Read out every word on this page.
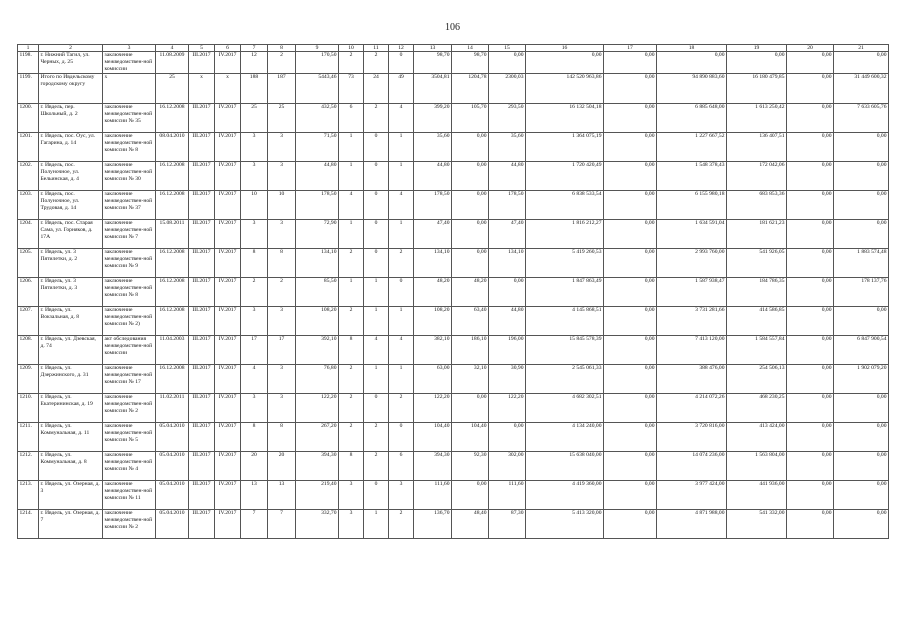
106
1	2	3	4	5	6	7	8	9	10	11	12	13	14	15	16	17	18	19	20	21
1198.	г. Нижний Тагил, ул. Черных, д. 25	заключение межведомствен-ной комиссии	11.08.2009	III.2017	IV.2017	12	2	170,50	2	2	0	98,70	98,70	0,00	0,00	0,00	0,00	0,00	0,00	0,00
1199.	Итого по Ивдельскому городскому округу	x	25	x	x	188	187	5443,46	73	24	49	3504,81	1204,78	2300,03	142 520 963,86	0,00	94 890 883,60	16 180 479,85	0,00	31 449 600,32
1200.	г. Ивдель, пер. Школьный, д. 2	заключение межведомствен-ной комиссии № 35	16.12.2008	III.2017	IV.2017	25	25	432,50	6	2	4	399,20	105,70	293,50	16 132 504,18	0,00	6 885 648,00	1 613 250,42	0,00	7 633 605,76
1201.	г. Ивдель, пос. Оус, ул. Гагарина, д. 14	заключение межведомствен-ной комиссии № 8	08.04.2010	III.2017	IV.2017	3	3	71,50	1	0	1	35,60	0,00	35,60	1 364 075,19	0,00	1 227 667,52	136 407,51	0,00	0,00
1202.	г. Ивдель, пос. Полуночное, ул. Бельинская, д. 4	заключение межведомствен-ной комиссии № 30	16.12.2008	III.2017	IV.2017	3	3	44,80	1	0	1	44,80	0,00	44,80	1 720 420,49	0,00	1 548 378,43	172 042,06	0,00	0,00
1203.	г. Ивдель, пос. Полуночное, ул. Трудовая, д. 14	заключение межведомствен-ной комиссии № 37	16.12.2008	III.2017	IV.2017	10	10	178,50	4	0	4	178,50	0,00	178,50	6 838 533,54	0,00	6 155 980,18	683 853,36	0,00	0,00
1204.	г. Ивдель, пос. Старая Сама, ул. Горняков, д. 17А	заключение межведомствен-ной комиссии № 7	15.08.2011	III.2017	IV.2017	3	3	72,90	1	0	1	47,40	0,00	47,40	1 816 212,27	0,00	1 634 591,04	181 621,23	0,00	0,00
1205.	г. Ивдель, ул. 3 Пятилетки, д. 2	заключение межведомствен-ной комиссии № 9	16.12.2008	III.2017	IV.2017	8	8	134,10	2	0	2	134,10	0,00	134,10	5 419 260,53	0,00	2 993 760,00	541 926,05	0,00	1 883 574,48
1206.	г. Ивдель, ул. 3 Пятилетки, д. 3	заключение межведомствен-ной комиссии № 8	16.12.2008	III.2017	IV.2017	2	2	85,50	1	1	0	48,20	48,20	0,00	1 847 863,49	0,00	1 587 938,47	184 786,35	0,00	178 137,76
1207.	г. Ивдель, ул. Вокзальная, д. 8	заключение межведомствен-ной комиссии № 2)	16.12.2008	III.2017	IV.2017	3	3	108,20	2	1	1	108,20	63,40	44,80	4 145 868,51	0,00	3 731 281,66	414 586,85	0,00	0,00
1208.	г. Ивдель, ул. Дзевская, д. 74	акт обследования межведомствен-ной комиссии	11.04.2003	III.2017	IV.2017	17	17	392,10	8	4	4	382,10	186,10	196,00	15 845 578,39	0,00	7 413 120,00	1 584 557,84	0,00	6 847 900,54
1209.	г. Ивдель, ул. Дзержинского, д. 31	заключение межведомствен-ной комиссии № 17	16.12.2008	III.2017	IV.2017	4	3	76,80	2	1	1	63,00	32,10	30,90	2 545 061,33	0,00	388 476,00	254 506,13	0,00	1 902 079,20
1210.	г. Ивдель, ул. Екатерининская, д. 19	заключение межведомствен-ной комиссии № 2	11.02.2011	III.2017	IV.2017	3	3	122,20	2	0	2	122,20	0,00	122,20	4 682 302,51	0,00	4 214 072,26	468 230,25	0,00	0,00
1211.	г. Ивдель, ул. Коммунальная, д. 11	заключение межведомствен-ной комиссии № 5	05.04.2010	III.2017	IV.2017	8	8	267,20	2	2	0	104,40	104,40	0,00	4 134 240,00	0,00	3 720 816,00	413 424,00	0,00	0,00
1212.	г. Ивдель, ул. Коммунальная, д. 8	заключение межведомствен-ной комиссии № 4	05.04.2010	III.2017	IV.2017	20	20	394,30	8	2	6	394,30	92,30	302,00	15 638 040,00	0,00	14 074 236,00	1 563 804,00	0,00	0,00
1213.	г. Ивдель, ул. Озерная, д. 3	заключение межведомствен-ной комиссии № 11	05.04.2010	III.2017	IV.2017	13	13	219,40	3	0	3	111,60	0,00	111,60	4 419 360,00	0,00	3 977 424,00	441 936,00	0,00	0,00
1214.	г. Ивдель, ул. Озерная, д. 7	заключение межведомствен-ной комиссии № 2	05.04.2010	III.2017	IV.2017	7	7	332,70	3	1	2	136,70	48,40	87,30	5 413 320,00	0,00	4 871 988,00	541 332,00	0,00	0,00
